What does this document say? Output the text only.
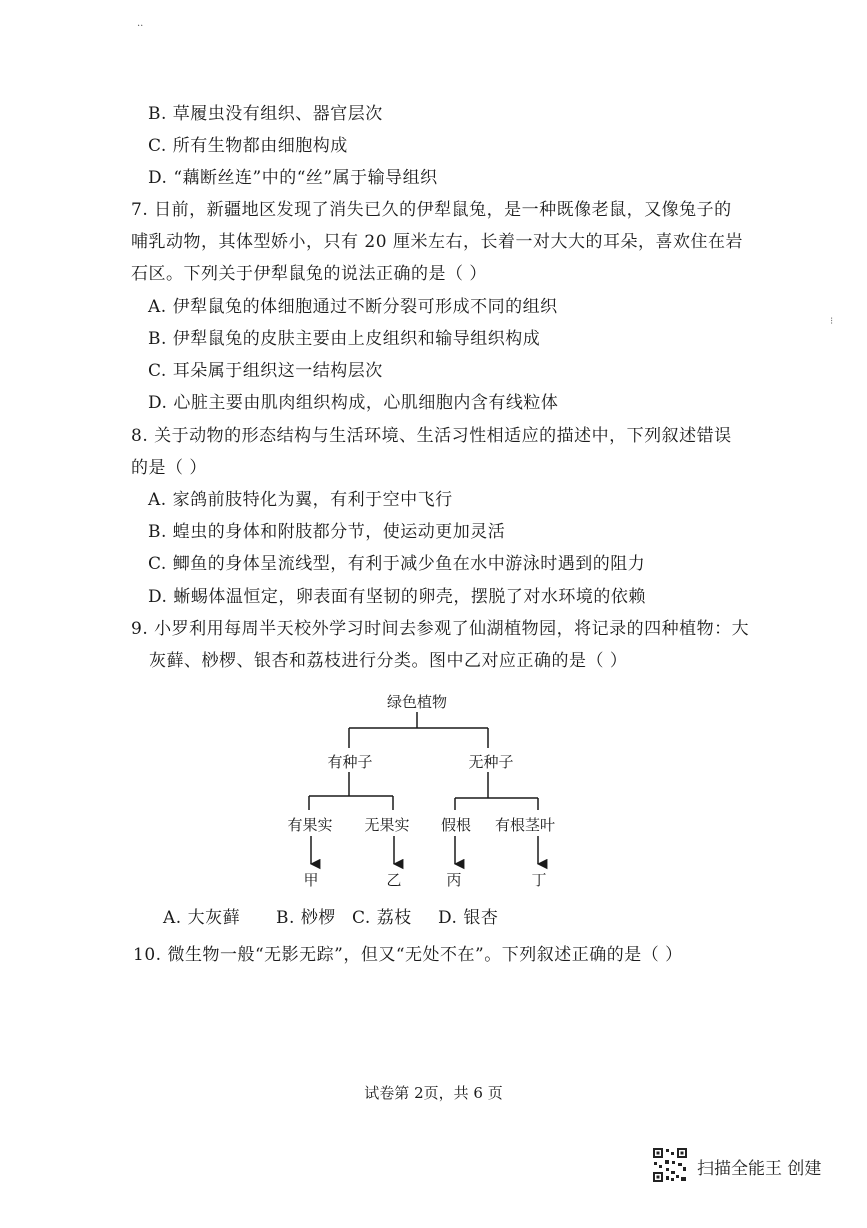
..
⁝
B. 草履虫没有组织、器官层次
C. 所有生物都由细胞构成
D. “藕断丝连”中的“丝”属于输导组织
7. 日前，新疆地区发现了消失已久的伊犁鼠兔，是一种既像老鼠，又像兔子的
哺乳动物，其体型娇小，只有 20 厘米左右，长着一对大大的耳朵，喜欢住在岩
石区。下列关于伊犁鼠兔的说法正确的是（ ）
A. 伊犁鼠兔的体细胞通过不断分裂可形成不同的组织
B. 伊犁鼠兔的皮肤主要由上皮组织和输导组织构成
C. 耳朵属于组织这一结构层次
D. 心脏主要由肌肉组织构成，心肌细胞内含有线粒体
8. 关于动物的形态结构与生活环境、生活习性相适应的描述中，下列叙述错误
的是（ ）
A. 家鸽前肢特化为翼，有利于空中飞行
B. 蝗虫的身体和附肢都分节，使运动更加灵活
C. 鲫鱼的身体呈流线型，有利于减少鱼在水中游泳时遇到的阻力
D. 蜥蜴体温恒定，卵表面有坚韧的卵壳，摆脱了对水环境的依赖
9. 小罗利用每周半天校外学习时间去参观了仙湖植物园，将记录的四种植物：大
灰藓、桫椤、银杏和荔枝进行分类。图中乙对应正确的是（ ）
绿色植物
有种子	无种子
有果实 无果实 假根 有根茎叶
甲	乙	丙	丁
A. 大灰藓 B. 桫椤 C. 荔枝 D. 银杏
10. 微生物一般“无影无踪”，但又“无处不在”。下列叙述正确的是（ ）
试卷第 2页，共 6 页
扫描全能王 创建
